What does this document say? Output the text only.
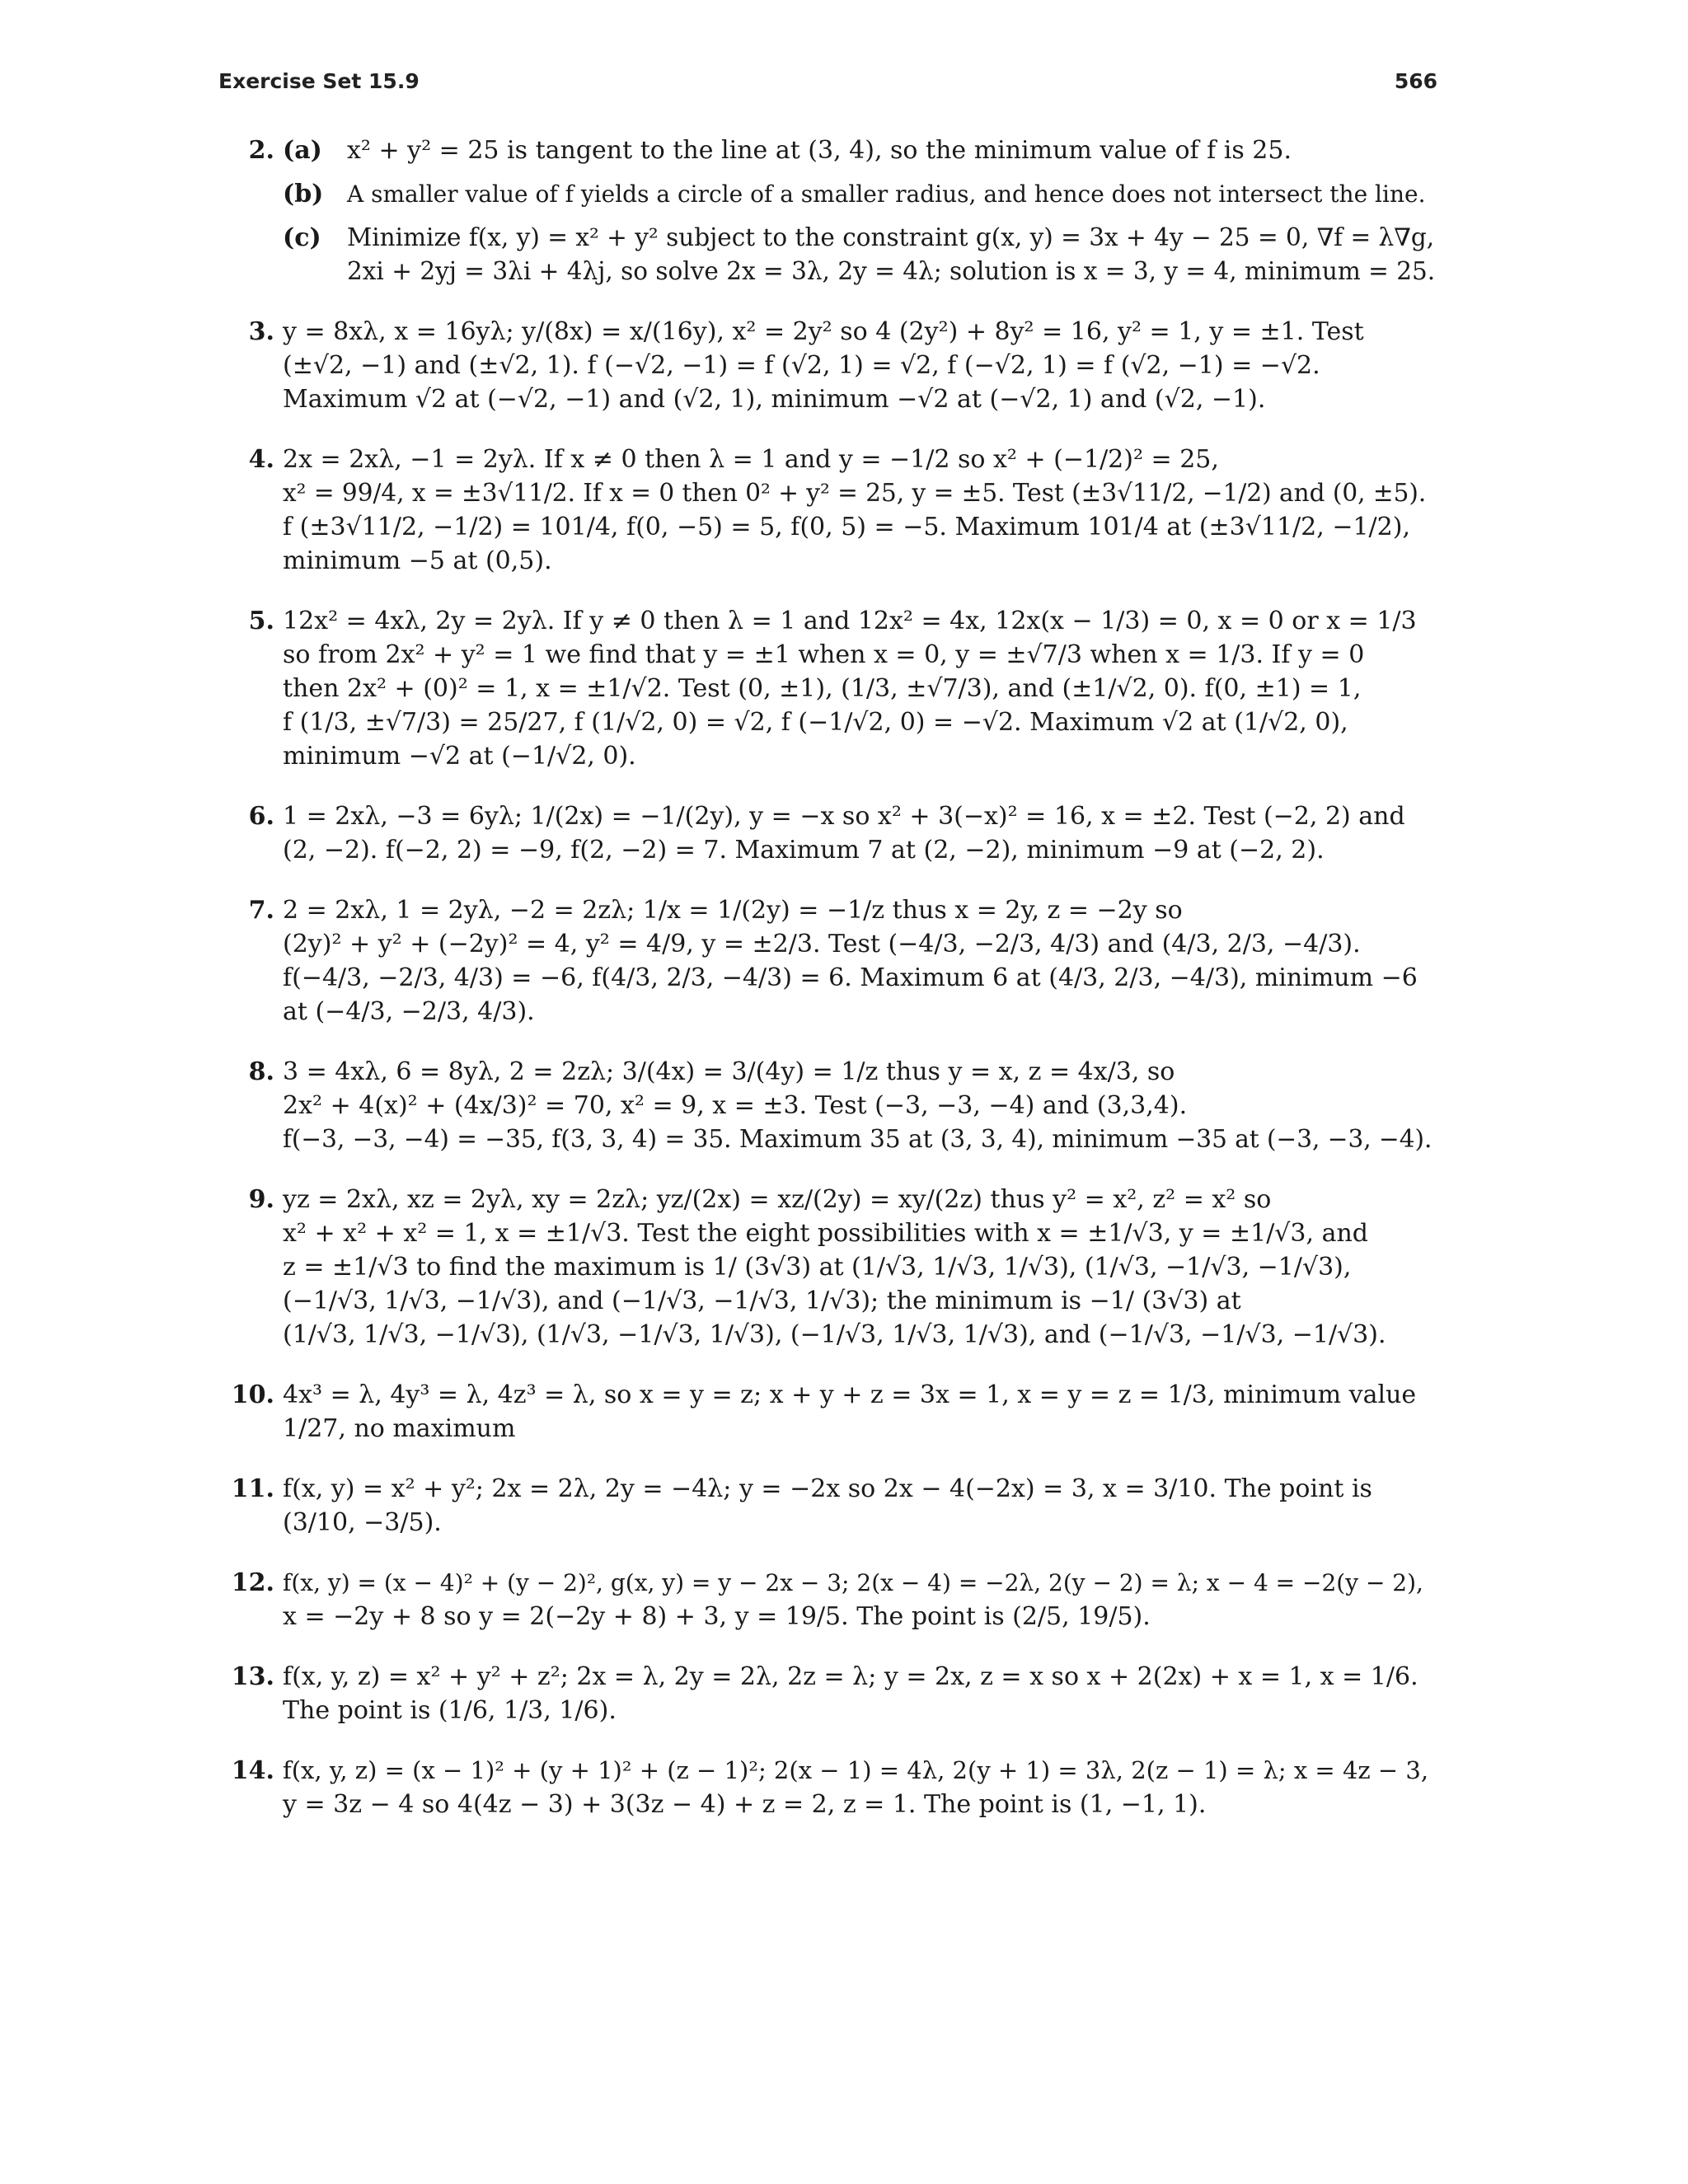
Exercise Set 15.9	566
2. (a) x² + y² = 25 is tangent to the line at (3, 4), so the minimum value of f is 25.
(b) A smaller value of f yields a circle of a smaller radius, and hence does not intersect the line.
(c) Minimize f(x, y) = x² + y² subject to the constraint g(x, y) = 3x + 4y − 25 = 0, ∇f = λ∇g,
2xi + 2yj = 3λi + 4λj, so solve 2x = 3λ, 2y = 4λ; solution is x = 3, y = 4, minimum = 25.
3. y = 8xλ, x = 16yλ; y/(8x) = x/(16y), x² = 2y² so 4 (2y²) + 8y² = 16, y² = 1, y = ±1. Test
(±√2, −1) and (±√2, 1). f (−√2, −1) = f (√2, 1) = √2, f (−√2, 1) = f (√2, −1) = −√2.
Maximum √2 at (−√2, −1) and (√2, 1), minimum −√2 at (−√2, 1) and (√2, −1).
4. 2x = 2xλ, −1 = 2yλ. If x ≠ 0 then λ = 1 and y = −1/2 so x² + (−1/2)² = 25,
x² = 99/4, x = ±3√11/2. If x = 0 then 0² + y² = 25, y = ±5. Test (±3√11/2, −1/2) and (0, ±5).
f (±3√11/2, −1/2) = 101/4, f(0, −5) = 5, f(0, 5) = −5. Maximum 101/4 at (±3√11/2, −1/2),
minimum −5 at (0,5).
5. 12x² = 4xλ, 2y = 2yλ. If y ≠ 0 then λ = 1 and 12x² = 4x, 12x(x − 1/3) = 0, x = 0 or x = 1/3
so from 2x² + y² = 1 we find that y = ±1 when x = 0, y = ±√7/3 when x = 1/3. If y = 0
then 2x² + (0)² = 1, x = ±1/√2. Test (0, ±1), (1/3, ±√7/3), and (±1/√2, 0). f(0, ±1) = 1,
f (1/3, ±√7/3) = 25/27, f (1/√2, 0) = √2, f (−1/√2, 0) = −√2. Maximum √2 at (1/√2, 0),
minimum −√2 at (−1/√2, 0).
6. 1 = 2xλ, −3 = 6yλ; 1/(2x) = −1/(2y), y = −x so x² + 3(−x)² = 16, x = ±2. Test (−2, 2) and
(2, −2). f(−2, 2) = −9, f(2, −2) = 7. Maximum 7 at (2, −2), minimum −9 at (−2, 2).
7. 2 = 2xλ, 1 = 2yλ, −2 = 2zλ; 1/x = 1/(2y) = −1/z thus x = 2y, z = −2y so
(2y)² + y² + (−2y)² = 4, y² = 4/9, y = ±2/3. Test (−4/3, −2/3, 4/3) and (4/3, 2/3, −4/3).
f(−4/3, −2/3, 4/3) = −6, f(4/3, 2/3, −4/3) = 6. Maximum 6 at (4/3, 2/3, −4/3), minimum −6
at (−4/3, −2/3, 4/3).
8. 3 = 4xλ, 6 = 8yλ, 2 = 2zλ; 3/(4x) = 3/(4y) = 1/z thus y = x, z = 4x/3, so
2x² + 4(x)² + (4x/3)² = 70, x² = 9, x = ±3. Test (−3, −3, −4) and (3,3,4).
f(−3, −3, −4) = −35, f(3, 3, 4) = 35. Maximum 35 at (3, 3, 4), minimum −35 at (−3, −3, −4).
9. yz = 2xλ, xz = 2yλ, xy = 2zλ; yz/(2x) = xz/(2y) = xy/(2z) thus y² = x², z² = x² so
x² + x² + x² = 1, x = ±1/√3. Test the eight possibilities with x = ±1/√3, y = ±1/√3, and
z = ±1/√3 to find the maximum is 1/ (3√3) at (1/√3, 1/√3, 1/√3), (1/√3, −1/√3, −1/√3),
(−1/√3, 1/√3, −1/√3), and (−1/√3, −1/√3, 1/√3); the minimum is −1/ (3√3) at
(1/√3, 1/√3, −1/√3), (1/√3, −1/√3, 1/√3), (−1/√3, 1/√3, 1/√3), and (−1/√3, −1/√3, −1/√3).
10. 4x³ = λ, 4y³ = λ, 4z³ = λ, so x = y = z; x + y + z = 3x = 1, x = y = z = 1/3, minimum value
1/27, no maximum
11. f(x, y) = x² + y²; 2x = 2λ, 2y = −4λ; y = −2x so 2x − 4(−2x) = 3, x = 3/10. The point is
(3/10, −3/5).
12. f(x, y) = (x − 4)² + (y − 2)², g(x, y) = y − 2x − 3; 2(x − 4) = −2λ, 2(y − 2) = λ; x − 4 = −2(y − 2),
x = −2y + 8 so y = 2(−2y + 8) + 3, y = 19/5. The point is (2/5, 19/5).
13. f(x, y, z) = x² + y² + z²; 2x = λ, 2y = 2λ, 2z = λ; y = 2x, z = x so x + 2(2x) + x = 1, x = 1/6.
The point is (1/6, 1/3, 1/6).
14. f(x, y, z) = (x − 1)² + (y + 1)² + (z − 1)²; 2(x − 1) = 4λ, 2(y + 1) = 3λ, 2(z − 1) = λ; x = 4z − 3,
y = 3z − 4 so 4(4z − 3) + 3(3z − 4) + z = 2, z = 1. The point is (1, −1, 1).
